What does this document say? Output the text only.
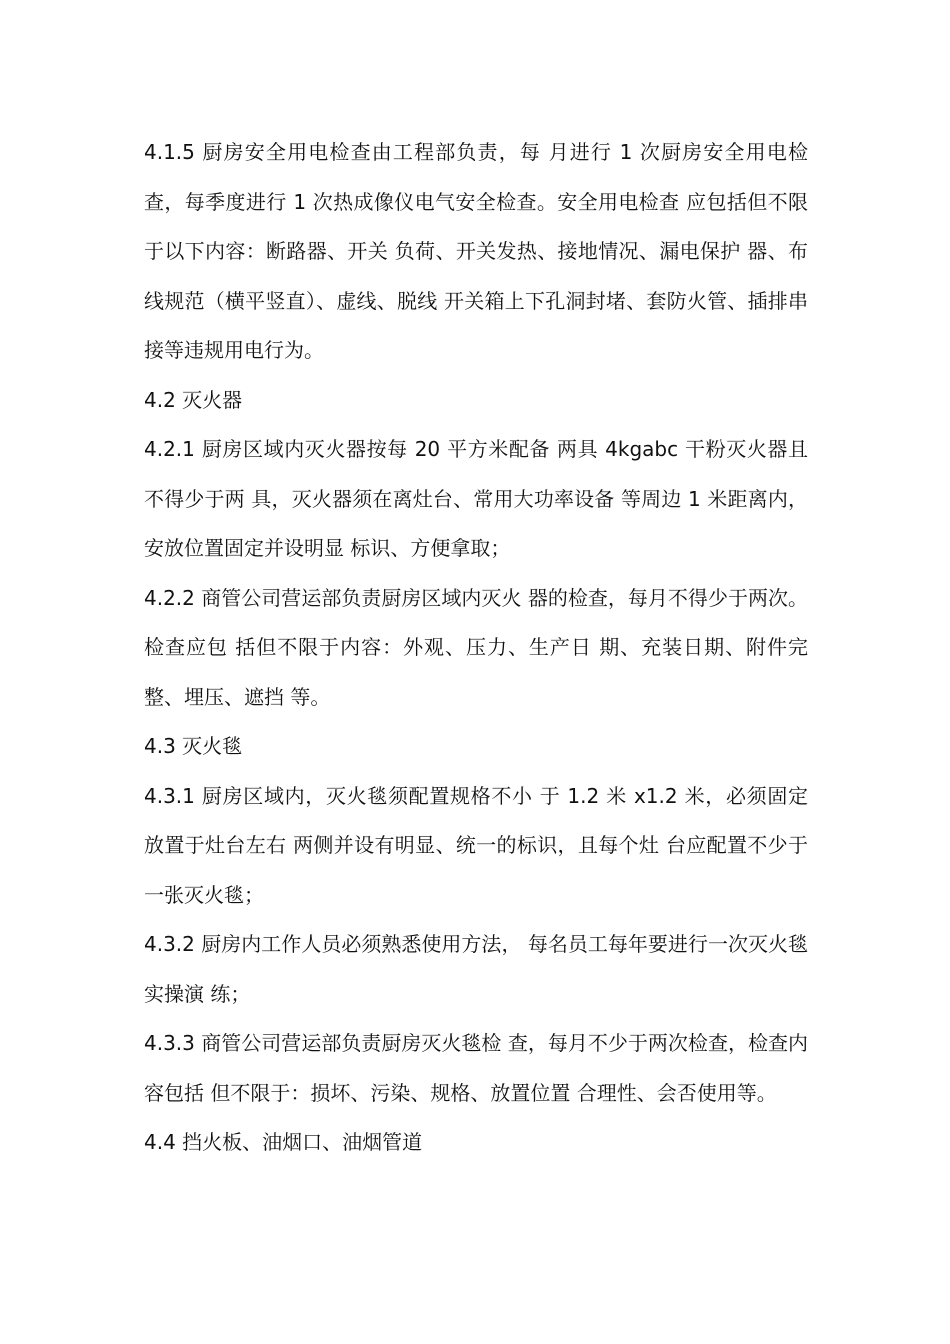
4.1.5 厨房安全用电检查由工程部负责，每 月进行 1 次厨房安全用电检查，每季度进行 1 次热成像仪电气安全检查。安全用电检查 应包括但不限于以下内容：断路器、开关 负荷、开关发热、接地情况、漏电保护 器、布线规范（横平竖直）、虚线、脱线 开关箱上下孔洞封堵、套防火管、插排串 接等违规用电行为。

4.2 灭火器

4.2.1 厨房区域内灭火器按每 20 平方米配备 两具 4kgabc 干粉灭火器且不得少于两 具，灭火器须在离灶台、常用大功率设备 等周边 1 米距离内，安放位置固定并设明显 标识、方便拿取；

4.2.2 商管公司营运部负责厨房区域内灭火 器的检查，每月不得少于两次。检查应包 括但不限于内容：外观、压力、生产日 期、充装日期、附件完整、埋压、遮挡 等。

4.3 灭火毯

4.3.1 厨房区域内，灭火毯须配置规格不小 于 1.2 米 x1.2 米，必须固定放置于灶台左右 两侧并设有明显、统一的标识，且每个灶 台应配置不少于一张灭火毯；

4.3.2 厨房内工作人员必须熟悉使用方法， 每名员工每年要进行一次灭火毯实操演 练；

4.3.3 商管公司营运部负责厨房灭火毯检 查，每月不少于两次检查，检查内容包括 但不限于：损坏、污染、规格、放置位置 合理性、会否使用等。

4.4 挡火板、油烟口、油烟管道
